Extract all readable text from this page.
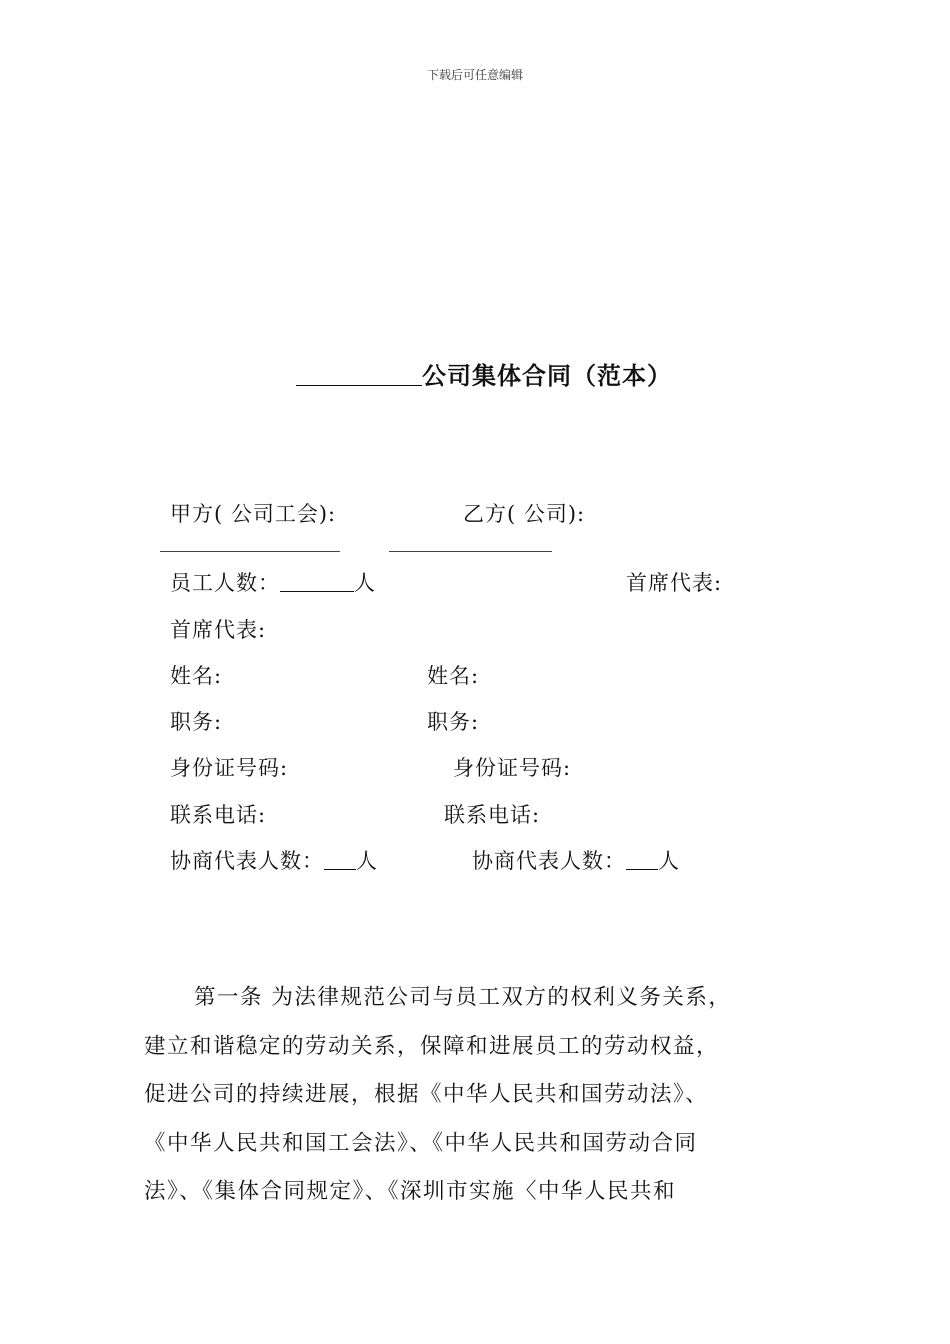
下载后可任意编辑
公司集体合同（范本）
甲方( 公司工会):	乙方( 公司):
员工人数：	人	首席代表:
首席代表:
姓名:	姓名:
职务:	职务:
身份证号码:	身份证号码:
联系电话:	联系电话:
协商代表人数： 人	协商代表人数： 人

第一条 为法律规范公司与员工双方的权利义务关系，

建立和谐稳定的劳动关系，保障和进展员工的劳动权益，

促进公司的持续进展，根据《中华人民共和国劳动法》、

《中华人民共和国工会法》、《中华人民共和国劳动合同

法》、《集体合同规定》、《深圳市实施〈中华人民共和
